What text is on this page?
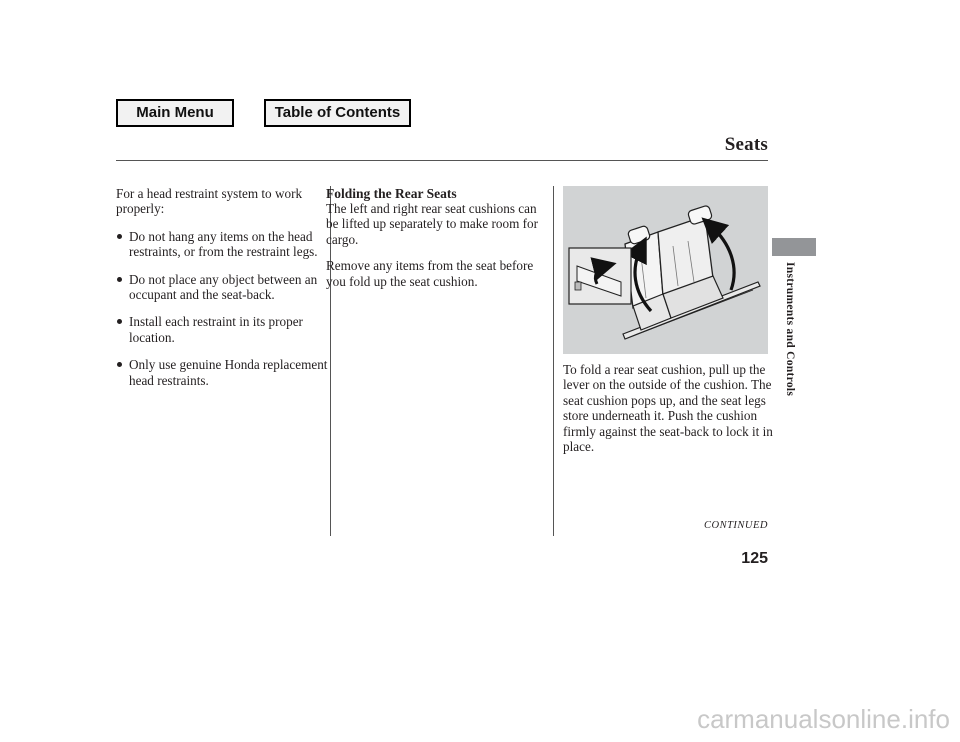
Main Menu	Table of Contents
Seats

For a head restraint system to work properly:

Do not hang any items on the head restraints, or from the restraint legs.
Do not place any object between an occupant and the seat-back.
Install each restraint in its proper location.
Only use genuine Honda replacement head restraints.
Folding the Rear Seats

The left and right rear seat cushions can be lifted up separately to make room for cargo.

Remove any items from the seat before you fold up the seat cushion.

To fold a rear seat cushion, pull up the lever on the outside of the cushion. The seat cushion pops up, and the seat legs store underneath it. Push the cushion firmly against the seat-back to lock it in place.

CONTINUED
125
Instruments and Controls
carmanualsonline.info
